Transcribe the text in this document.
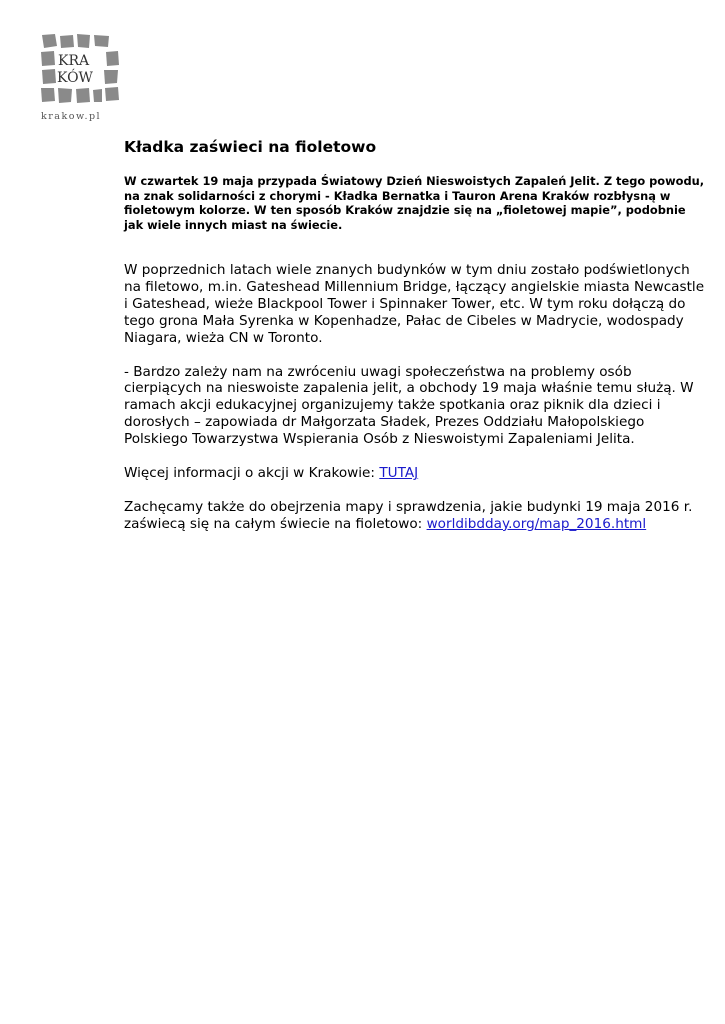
KRA
KÓW
krakow.pl
Kładka zaświeci na fioletowo

W czwartek 19 maja przypada Światowy Dzień Nieswoistych Zapaleń Jelit. Z tego powodu, na znak solidarności z chorymi - Kładka Bernatka i Tauron Arena Kraków rozbłysną w fioletowym kolorze. W ten sposób Kraków znajdzie się na „fioletowej mapie”, podobnie jak wiele innych miast na świecie.

W poprzednich latach wiele znanych budynków w tym dniu zostało podświetlonych na filetowo, m.in. Gateshead Millennium Bridge, łączący angielskie miasta Newcastle i Gateshead, wieże Blackpool Tower i Spinnaker Tower, etc. W tym roku dołączą do tego grona Mała Syrenka w Kopenhadze, Pałac de Cibeles w Madrycie, wodospady Niagara, wieża CN w Toronto.

- Bardzo zależy nam na zwróceniu uwagi społeczeństwa na problemy osób cierpiących na nieswoiste zapalenia jelit, a obchody 19 maja właśnie temu służą. W ramach akcji edukacyjnej organizujemy także spotkania oraz piknik dla dzieci i dorosłych – zapowiada dr Małgorzata Sładek, Prezes Oddziału Małopolskiego Polskiego Towarzystwa Wspierania Osób z Nieswoistymi Zapaleniami Jelita.

Więcej informacji o akcji w Krakowie: TUTAJ

Zachęcamy także do obejrzenia mapy i sprawdzenia, jakie budynki 19 maja 2016 r. zaświecą się na całym świecie na fioletowo: worldibdday.org/map_2016.html
